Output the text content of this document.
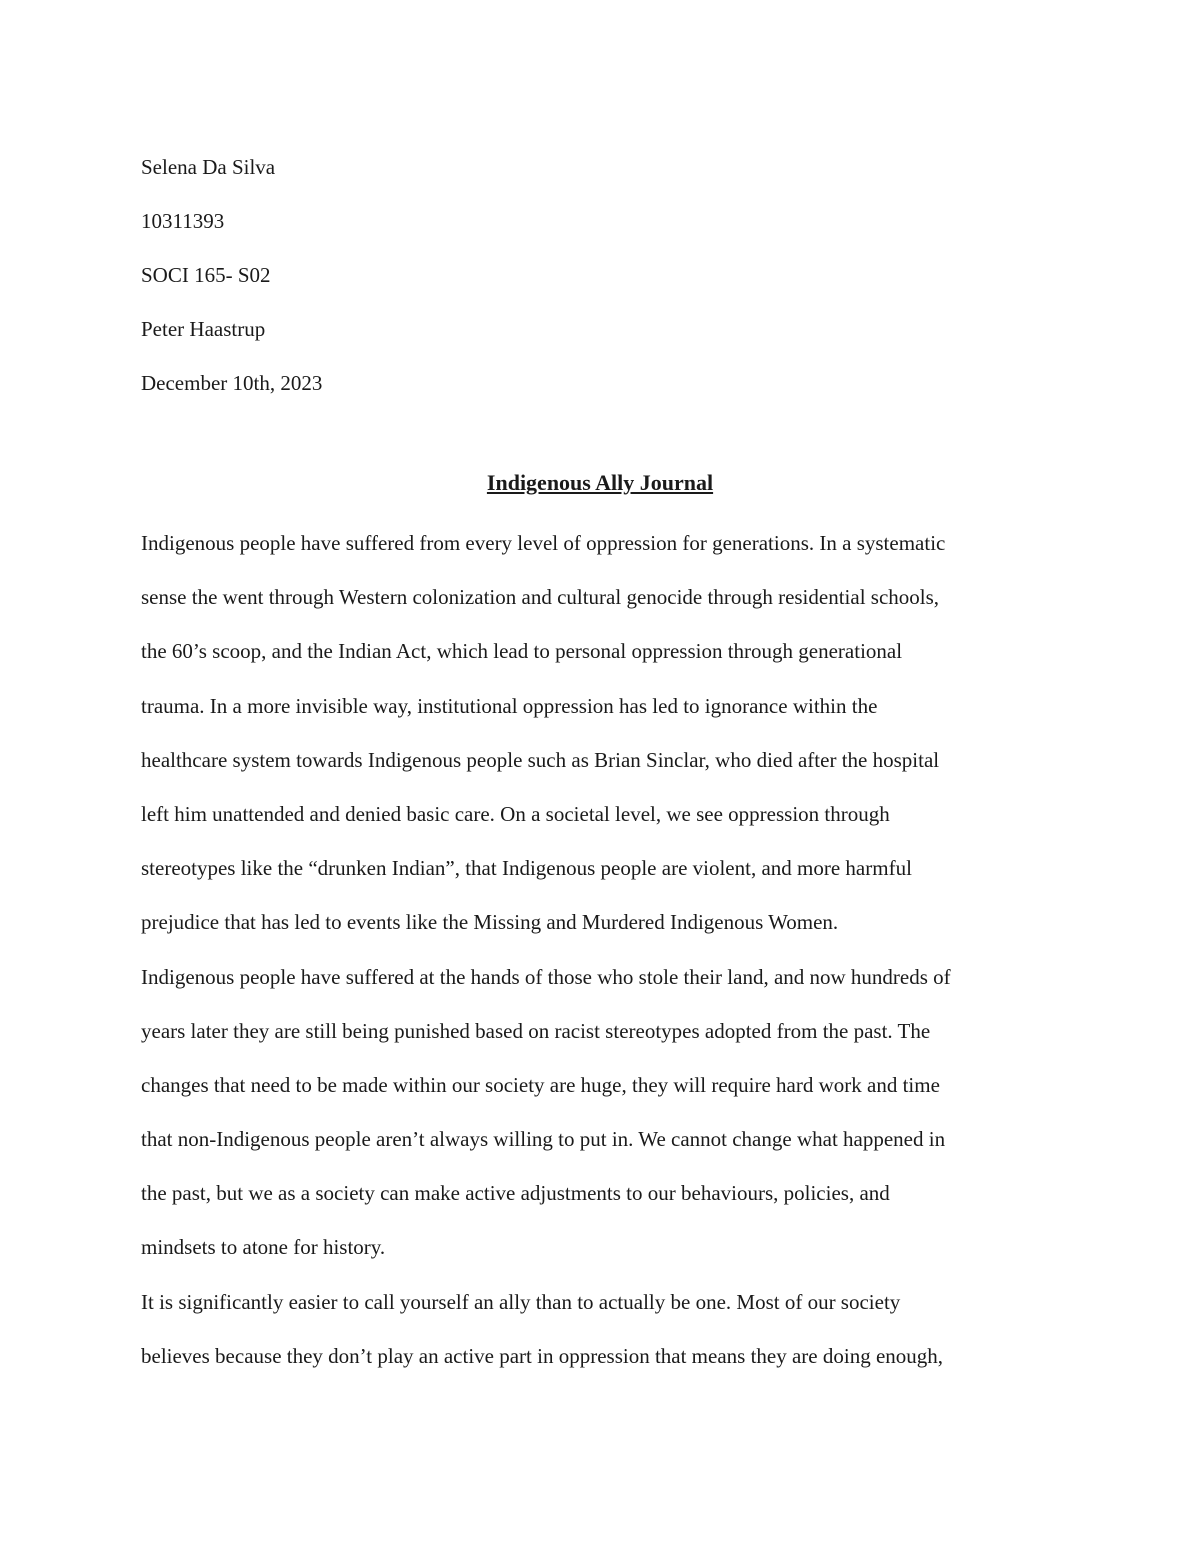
Selena Da Silva
10311393
SOCI 165- S02
Peter Haastrup
December 10th, 2023
Indigenous Ally Journal
Indigenous people have suffered from every level of oppression for generations. In a systematic
sense the went through Western colonization and cultural genocide through residential schools,
the 60’s scoop, and the Indian Act, which lead to personal oppression through generational
trauma. In a more invisible way, institutional oppression has led to ignorance within the
healthcare system towards Indigenous people such as Brian Sinclar, who died after the hospital
left him unattended and denied basic care. On a societal level, we see oppression through
stereotypes like the “drunken Indian”, that Indigenous people are violent, and more harmful
prejudice that has led to events like the Missing and Murdered Indigenous Women.
Indigenous people have suffered at the hands of those who stole their land, and now hundreds of
years later they are still being punished based on racist stereotypes adopted from the past. The
changes that need to be made within our society are huge, they will require hard work and time
that non-Indigenous people aren’t always willing to put in. We cannot change what happened in
the past, but we as a society can make active adjustments to our behaviours, policies, and
mindsets to atone for history.
It is significantly easier to call yourself an ally than to actually be one. Most of our society
believes because they don’t play an active part in oppression that means they are doing enough,
